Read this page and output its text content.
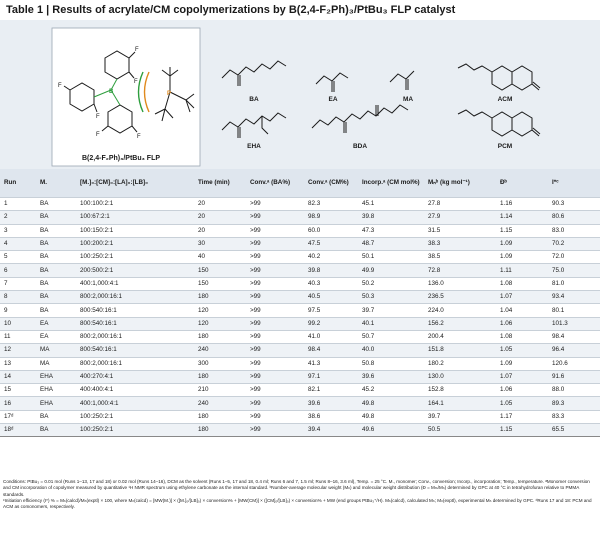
Table 1 | Results of acrylate/CM copolymerizations by B(2,4-F₂Ph)₃/PtBu₃ FLP catalyst
B	P
F
F
F
F
F
F
BA	EA	MA	ACM
EHA	BDA	PCM
B(2,4-F₂Ph)₃/PtBu₃ FLP
Run	M.	[M.]₀:[CM]₀:[LA]₀:[LB]₀	Time (min)	Conv.ᵃ (BA%)	Conv.ᵃ (CM%)	Incorp.ᵃ (CM mol%)	Mₙᵇ (kg mol⁻¹)	Đᵇ	I*ᶜ
1	BA	100:100:2:1	20	>99	82.3	45.1	27.8	1.16	90.3
2	BA	100:67:2:1	20	>99	98.9	39.8	27.9	1.14	80.6
3	BA	100:150:2:1	20	>99	60.0	47.3	31.5	1.15	83.0
4	BA	100:200:2:1	30	>99	47.5	48.7	38.3	1.09	70.2
5	BA	100:250:2:1	40	>99	40.2	50.1	38.5	1.09	72.0
6	BA	200:500:2:1	150	>99	39.8	49.9	72.8	1.11	75.0
7	BA	400:1,000:4:1	150	>99	40.3	50.2	136.0	1.08	81.0
8	BA	800:2,000:16:1	180	>99	40.5	50.3	236.5	1.07	93.4
9	BA	800:540:16:1	120	>99	97.5	39.7	224.0	1.04	80.1
10	EA	800:540:16:1	120	>99	99.2	40.1	156.2	1.06	101.3
11	EA	800:2,000:16:1	180	>99	41.0	50.7	200.4	1.08	98.4
12	MA	800:540:16:1	240	>99	98.4	40.0	151.8	1.05	96.4
13	MA	800:2,000:16:1	300	>99	41.3	50.8	180.2	1.09	120.6
14	EHA	400:270:4:1	180	>99	97.1	39.6	130.0	1.07	91.6
15	EHA	400:400:4:1	210	>99	82.1	45.2	152.8	1.06	88.0
16	EHA	400:1,000:4:1	240	>99	39.6	49.8	164.1	1.05	89.3
17ᵈ	BA	100:250:2:1	180	>99	38.6	49.8	39.7	1.17	83.3
18ᵈ	BA	100:250:2:1	180	>99	39.4	49.6	50.5	1.15	65.5

Conditions: PtBu₃ = 0.01 mol (Runs 1–13, 17 and 18) or 0.02 mol (Runs 14–16), DCM as the solvent (Runs 1–5, 17 and 18, 0.4 ml; Runs 6 and 7, 1.5 ml; Runs 8–16, 3.6 ml), Temp. = 25 °C. M., monomer; Conv., conversion; Incorp., incorporation; Temp., temperature. ᵃMonomer conversion and CM incorporation of copolymer measured by quantitative ¹H NMR spectrum using ethylene carbonate as the internal standard. ᵇNumber-average molecular weight (Mₙ) and molecular weight distribution (Đ = Mₘ/Mₙ) determined by GPC at 40 °C in tetrahydrofuran relative to PMMA standards.

ᶜInitiation efficiency (I*) % = Mₙ(calcd)/Mₙ(exptl) × 100, where Mₙ(calcd) = [MW(M.)] × ([M.]₀/[LB]₀) × conversion% + [MW(CM)] × ([CM]₀/[LB]₀) × conversion% + MW (end groups PtBu₃⁺/H). Mₙ(calcd), calculated Mₙ; Mₙ(exptl), experimental Mₙ determined by GPC. ᵈRuns 17 and 18: PCM and ACM as comonomers, respectively.
